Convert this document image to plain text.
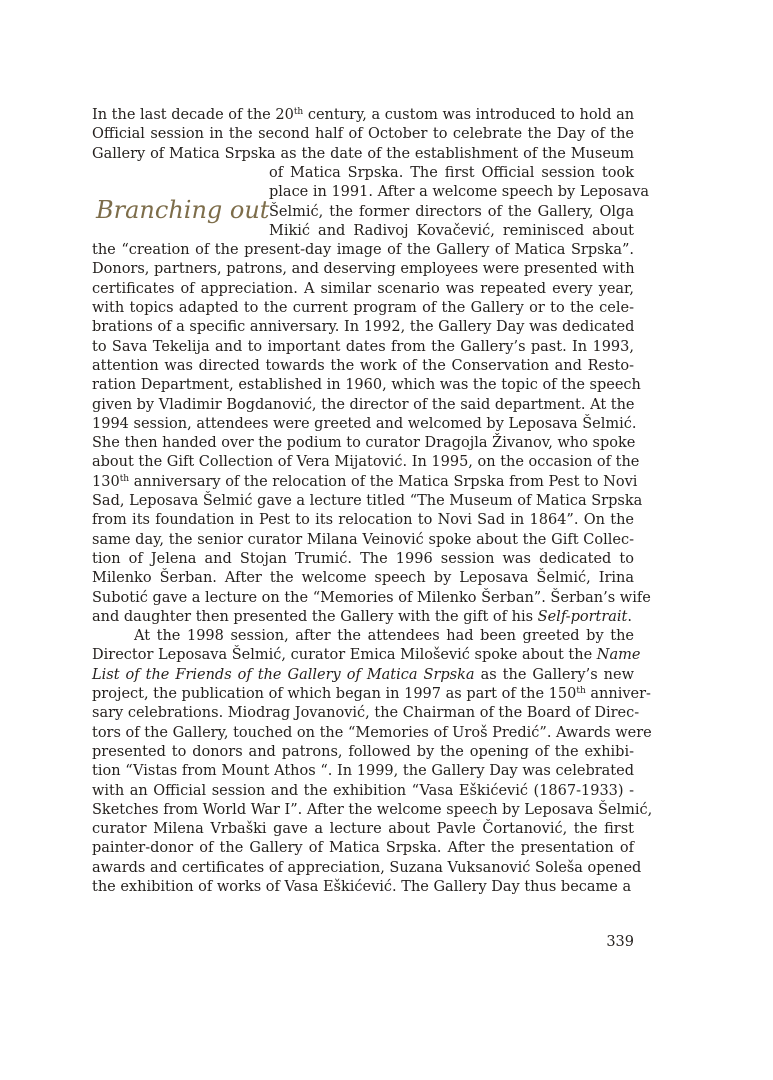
Branching out
In the last decade of the 20th century, a custom was introduced to hold an
Official session in the second half of October to celebrate the Day of the
Gallery of Matica Srpska as the date of the establishment of the Museum
of Matica Srpska. The first Official session took
place in 1991. After a welcome speech by Leposava
Šelmić, the former directors of the Gallery, Olga
Mikić and Radivoj Kovačević, reminisced about
the “creation of the present-day image of the Gallery of Matica Srpska”.
Donors, partners, patrons, and deserving employees were presented with
certificates of appreciation. A similar scenario was repeated every year,
with topics adapted to the current program of the Gallery or to the cele-
brations of a specific anniversary. In 1992, the Gallery Day was dedicated
to Sava Tekelija and to important dates from the Gallery’s past. In 1993,
attention was directed towards the work of the Conservation and Resto-
ration Department, established in 1960, which was the topic of the speech
given by Vladimir Bogdanović, the director of the said department. At the
1994 session, attendees were greeted and welcomed by Leposava Šelmić.
She then handed over the podium to curator Dragojla Živanov, who spoke
about the Gift Collection of Vera Mijatović. In 1995, on the occasion of the
130th anniversary of the relocation of the Matica Srpska from Pest to Novi
Sad, Leposava Šelmić gave a lecture titled “The Museum of Matica Srpska
from its foundation in Pest to its relocation to Novi Sad in 1864”. On the
same day, the senior curator Milana Veinović spoke about the Gift Collec-
tion of Jelena and Stojan Trumić. The 1996 session was dedicated to
Milenko Šerban. After the welcome speech by Leposava Šelmić, Irina
Subotić gave a lecture on the “Memories of Milenko Šerban”. Šerban’s wife
and daughter then presented the Gallery with the gift of his Self-portrait.
At the 1998 session, after the attendees had been greeted by the
Director Leposava Šelmić, curator Emica Milošević spoke about the Name
List of the Friends of the Gallery of Matica Srpska as the Gallery’s new
project, the publication of which began in 1997 as part of the 150th anniver-
sary celebrations. Miodrag Jovanović, the Chairman of the Board of Direc-
tors of the Gallery, touched on the “Memories of Uroš Predić”. Awards were
presented to donors and patrons, followed by the opening of the exhibi-
tion “Vistas from Mount Athos “. In 1999, the Gallery Day was celebrated
with an Official session and the exhibition “Vasa Eškićević (1867-1933) -
Sketches from World War I”. After the welcome speech by Leposava Šelmić,
curator Milena Vrbaški gave a lecture about Pavle Čortanović, the first
painter-donor of the Gallery of Matica Srpska. After the presentation of
awards and certificates of appreciation, Suzana Vuksanović Soleša opened
the exhibition of works of Vasa Eškićević. The Gallery Day thus became a
339
